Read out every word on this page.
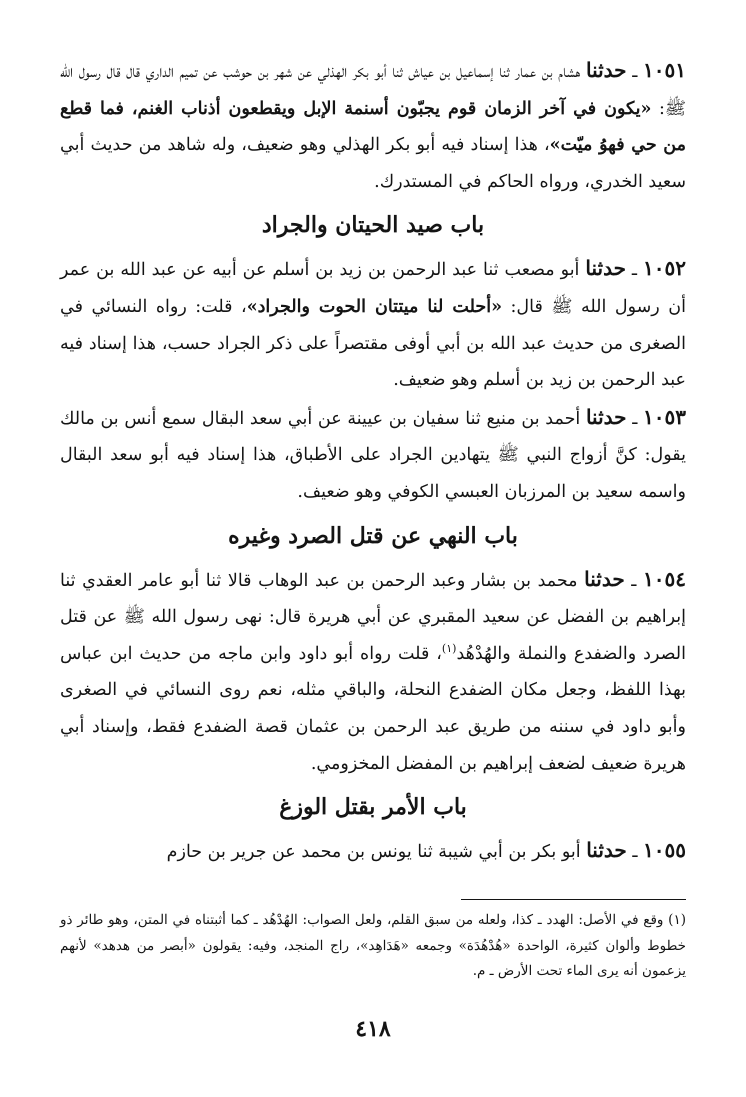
١٠٥١ ـ حدثنا هشام بن عمار ثنا إسماعيل بن عياش ثنا أبو بكر الهذلي عن شهر بن حوشب عن تميم الداري قال قال رسول الله ﷺ: «يكون في آخر الزمان قوم يجبّون أسنمة الإبل ويقطعون أذناب الغنم، فما قطع من حي فهوُ ميّت»، هذا إسناد فيه أبو بكر الهذلي وهو ضعيف، وله شاهد من حديث أبي سعيد الخدري، ورواه الحاكم في المستدرك.

باب صيد الحيتان والجراد

١٠٥٢ ـ حدثنا أبو مصعب ثنا عبد الرحمن بن زيد بن أسلم عن أبيه عن عبد الله بن عمر أن رسول الله ﷺ قال: «أحلت لنا ميتتان الحوت والجراد»، قلت: رواه النسائي في الصغرى من حديث عبد الله بن أبي أوفى مقتصراً على ذكر الجراد حسب، هذا إسناد فيه عبد الرحمن بن زيد بن أسلم وهو ضعيف.

١٠٥٣ ـ حدثنا أحمد بن منيع ثنا سفيان بن عيينة عن أبي سعد البقال سمع أنس بن مالك يقول: كنَّ أزواج النبي ﷺ يتهادين الجراد على الأطباق، هذا إسناد فيه أبو سعد البقال واسمه سعيد بن المرزبان العبسي الكوفي وهو ضعيف.

باب النهي عن قتل الصرد وغيره

١٠٥٤ ـ حدثنا محمد بن بشار وعبد الرحمن بن عبد الوهاب قالا ثنا أبو عامر العقدي ثنا إبراهيم بن الفضل عن سعيد المقبري عن أبي هريرة قال: نهى رسول الله ﷺ عن قتل الصرد والضفدع والنملة والهُدْهُد$^{(١)}$، قلت رواه أبو داود وابن ماجه من حديث ابن عباس بهذا اللفظ، وجعل مكان الضفدع النحلة، والباقي مثله، نعم روى النسائي في الصغرى وأبو داود في سننه من طريق عبد الرحمن بن عثمان قصة الضفدع فقط، وإسناد أبي هريرة ضعيف لضعف إبراهيم بن المفضل المخزومي.

باب الأمر بقتل الوزغ

١٠٥٥ ـ حدثنا أبو بكر بن أبي شيبة ثنا يونس بن محمد عن جرير بن حازم

(١) وقع في الأصل: الهدد ـ كذا، ولعله من سبق القلم، ولعل الصواب: الهُدْهُد ـ كما أثبتناه في المتن، وهو طائر ذو خطوط وألوان كثيرة، الواحدة «هُدْهُدَة» وجمعه «هَدَاهِد»، راج المنجد، وفيه: يقولون «أبصر من هدهد» لأنهم يزعمون أنه يرى الماء تحت الأرض ـ م.

٤١٨
